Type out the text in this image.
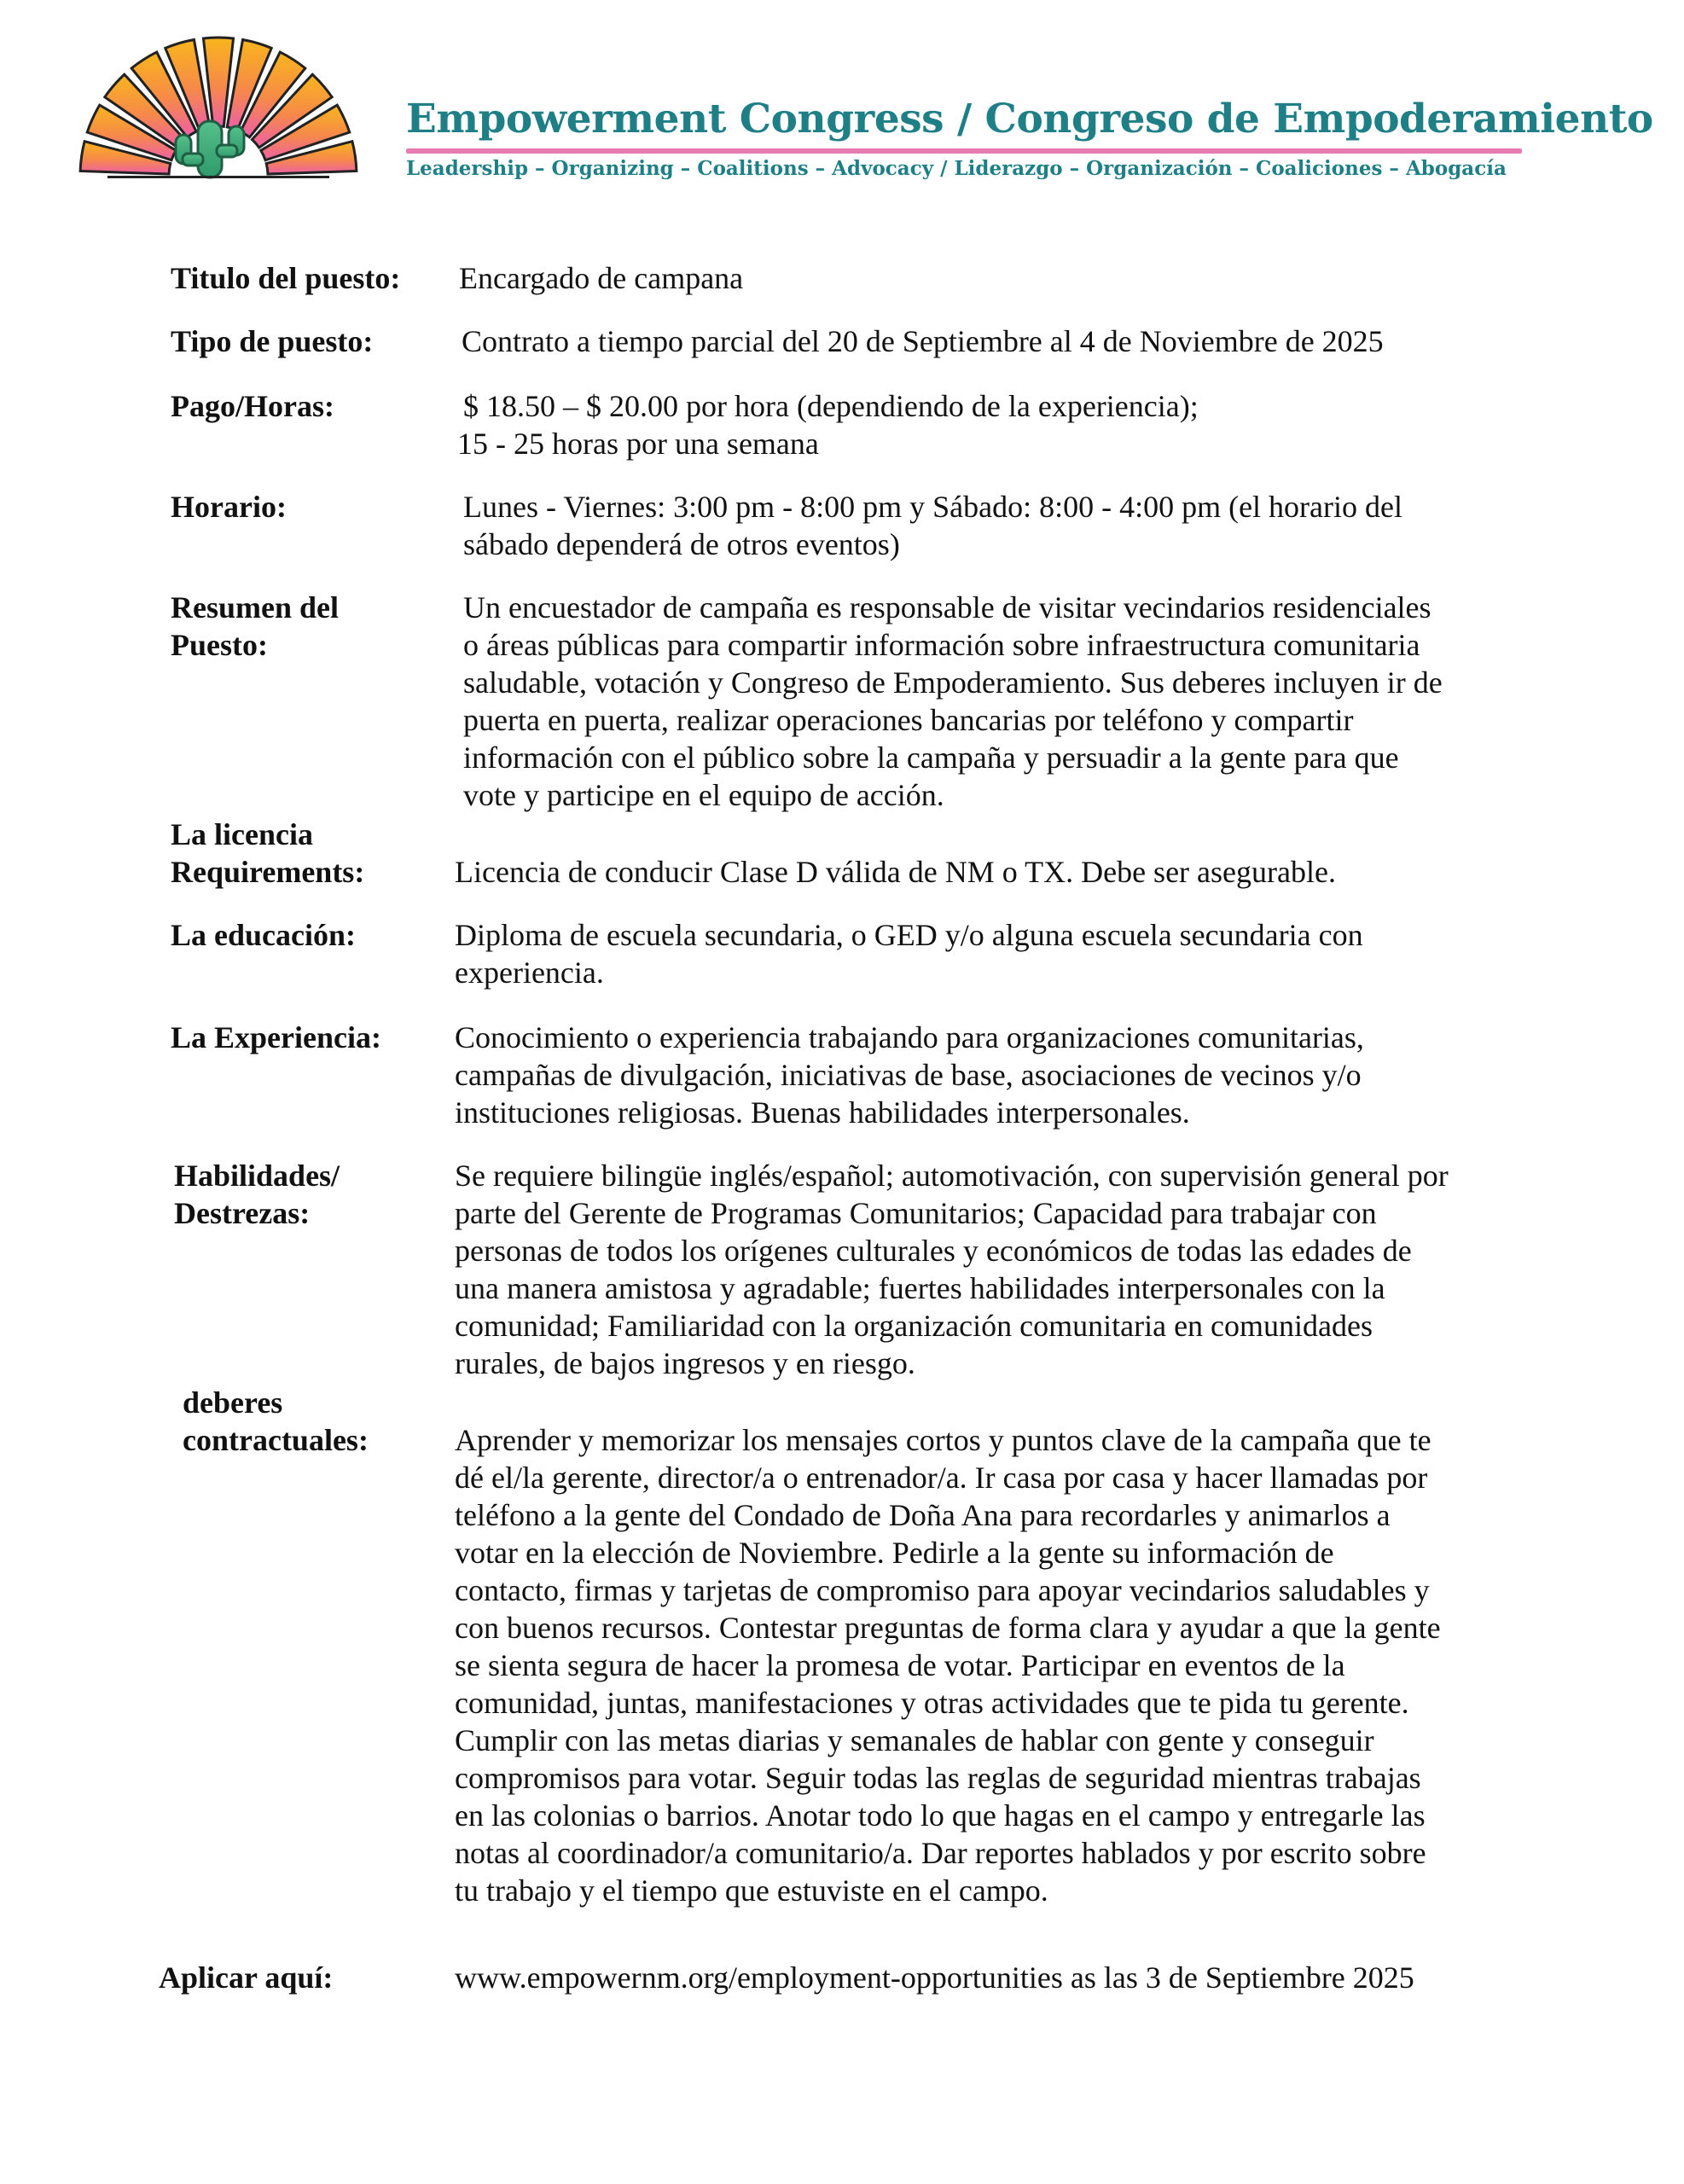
Empowerment Congress / Congreso de Empoderamiento
Leadership – Organizing – Coalitions – Advocacy / Liderazgo – Organización – Coaliciones – Abogacía
Titulo del puesto: Encargado de campana
Tipo de puesto:	Contrato a tiempo parcial del 20 de Septiembre al 4 de Noviembre de 2025
Pago/Horas:	$ 18.50 – $ 20.00 por hora (dependiendo de la experiencia);
15 - 25 horas por una semana
Horario:	Lunes - Viernes: 3:00 pm - 8:00 pm y Sábado: 8:00 - 4:00 pm (el horario del
sábado dependerá de otros eventos)
Resumen del
Puesto:
Un encuestador de campaña es responsable de visitar vecindarios residenciales
o áreas públicas para compartir información sobre infraestructura comunitaria
saludable, votación y Congreso de Empoderamiento. Sus deberes incluyen ir de
puerta en puerta, realizar operaciones bancarias por teléfono y compartir
información con el público sobre la campaña y persuadir a la gente para que
vote y participe en el equipo de acción.
La licencia
Requirements:	Licencia de conducir Clase D válida de NM o TX. Debe ser asegurable.
La educación:	Diploma de escuela secundaria, o GED y/o alguna escuela secundaria con
experiencia.
La Experiencia: Conocimiento o experiencia trabajando para organizaciones comunitarias,
campañas de divulgación, iniciativas de base, asociaciones de vecinos y/o
instituciones religiosas. Buenas habilidades interpersonales.
Habilidades/
Destrezas:
Se requiere bilingüe inglés/español; automotivación, con supervisión general por
parte del Gerente de Programas Comunitarios; Capacidad para trabajar con
personas de todos los orígenes culturales y económicos de todas las edades de
una manera amistosa y agradable; fuertes habilidades interpersonales con la
comunidad; Familiaridad con la organización comunitaria en comunidades
rurales, de bajos ingresos y en riesgo.
deberes
contractuales:	Aprender y memorizar los mensajes cortos y puntos clave de la campaña que te
dé el/la gerente, director/a o entrenador/a. Ir casa por casa y hacer llamadas por
teléfono a la gente del Condado de Doña Ana para recordarles y animarlos a
votar en la elección de Noviembre. Pedirle a la gente su información de
contacto, firmas y tarjetas de compromiso para apoyar vecindarios saludables y
con buenos recursos. Contestar preguntas de forma clara y ayudar a que la gente
se sienta segura de hacer la promesa de votar. Participar en eventos de la
comunidad, juntas, manifestaciones y otras actividades que te pida tu gerente.
Cumplir con las metas diarias y semanales de hablar con gente y conseguir
compromisos para votar. Seguir todas las reglas de seguridad mientras trabajas
en las colonias o barrios. Anotar todo lo que hagas en el campo y entregarle las
notas al coordinador/a comunitario/a. Dar reportes hablados y por escrito sobre
tu trabajo y el tiempo que estuviste en el campo.
Aplicar aquí:	www.empowernm.org/employment-opportunities as las 3 de Septiembre 2025
